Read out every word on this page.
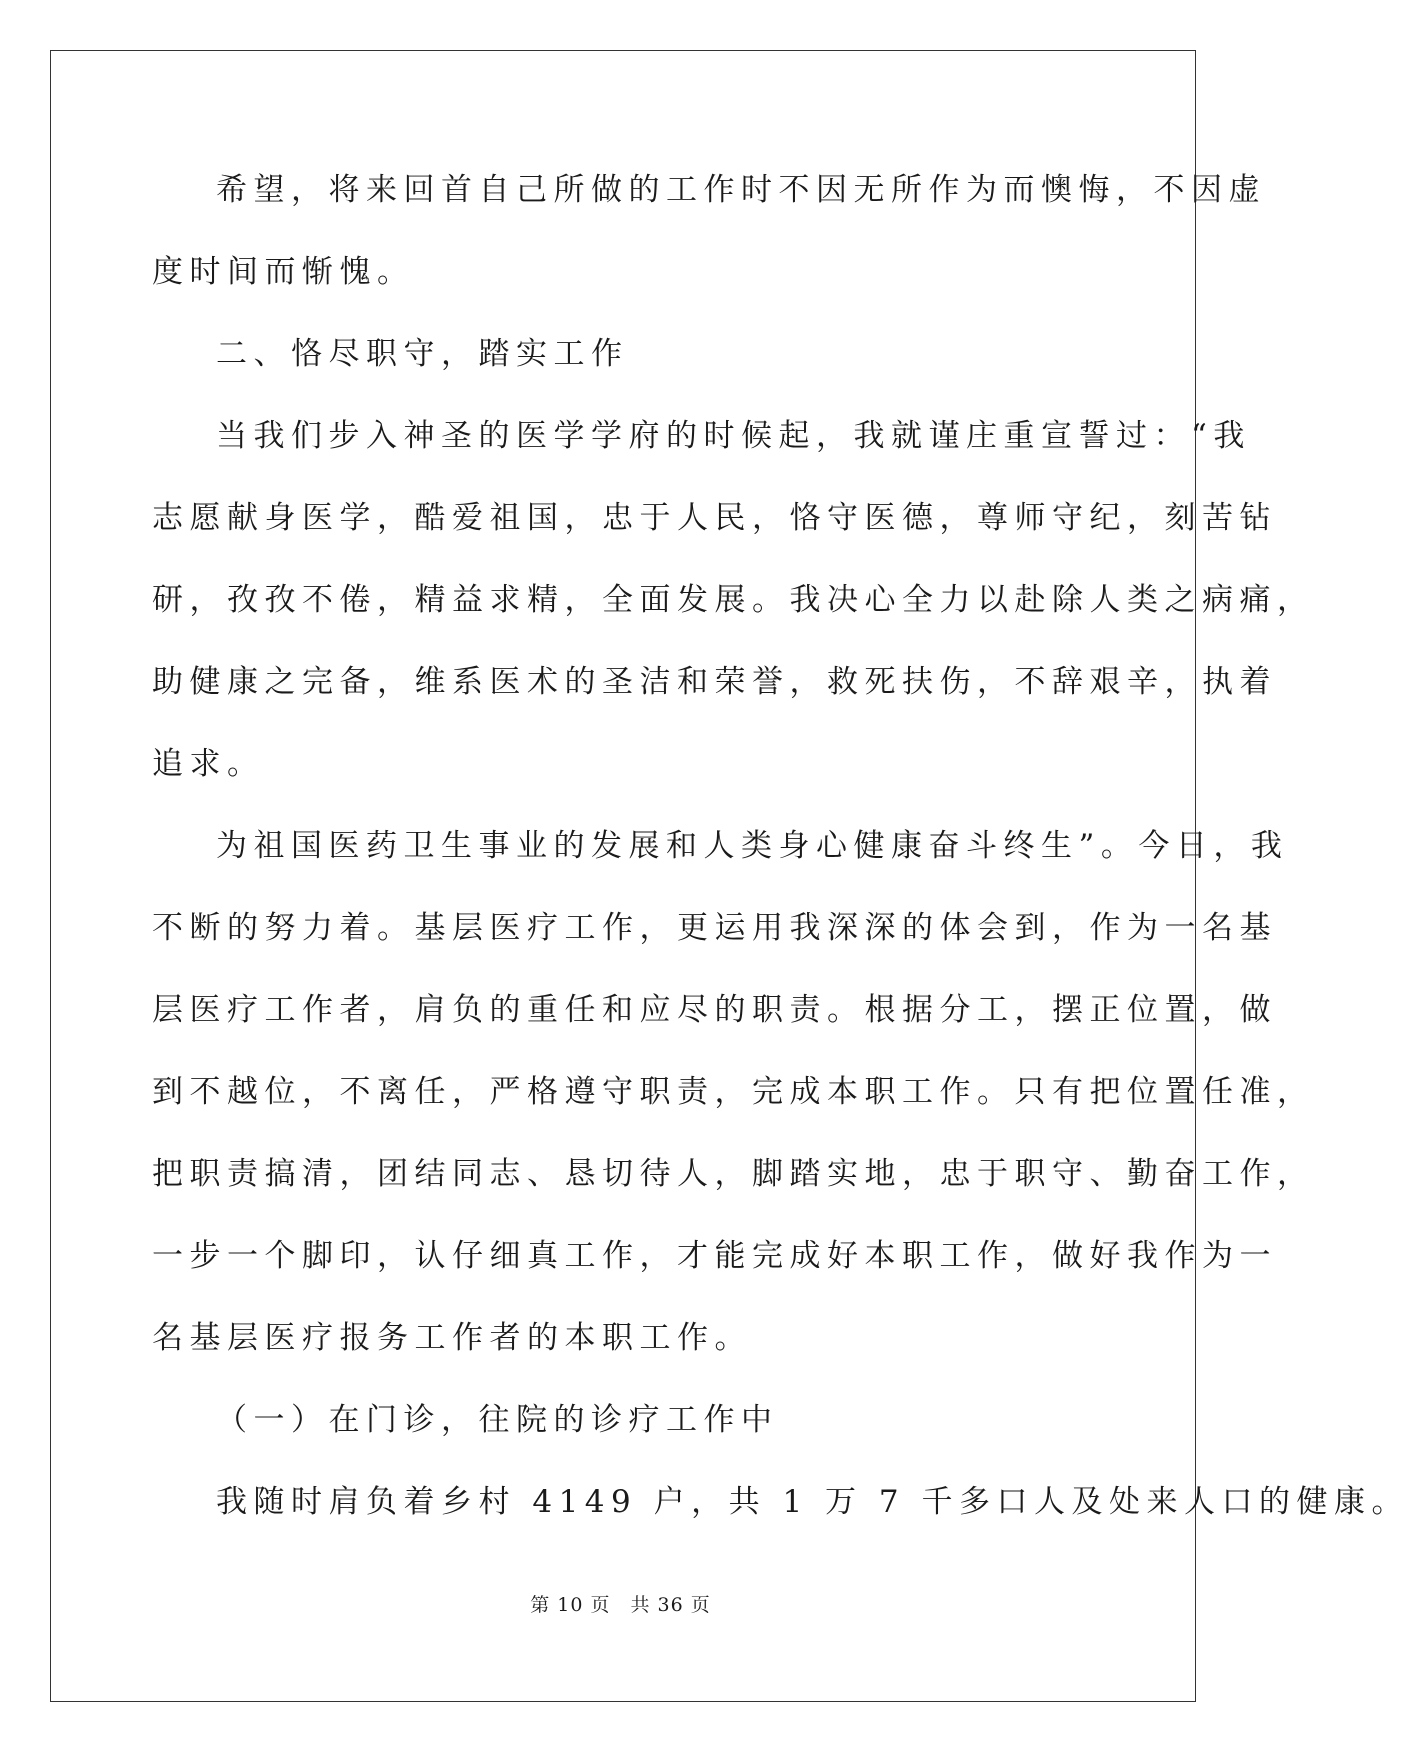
希望，将来回首自己所做的工作时不因无所作为而懊悔，不因虚
度时间而惭愧。
二、恪尽职守，踏实工作
当我们步入神圣的医学学府的时候起，我就谨庄重宣誓过：“我
志愿献身医学，酷爱祖国，忠于人民，恪守医德，尊师守纪，刻苦钻
研，孜孜不倦，精益求精，全面发展。我决心全力以赴除人类之病痛，
助健康之完备，维系医术的圣洁和荣誉，救死扶伤，不辞艰辛，执着
追求。
为祖国医药卫生事业的发展和人类身心健康奋斗终生”。今日，我
不断的努力着。基层医疗工作，更运用我深深的体会到，作为一名基
层医疗工作者，肩负的重任和应尽的职责。根据分工，摆正位置，做
到不越位，不离任，严格遵守职责，完成本职工作。只有把位置任准，
把职责搞清，团结同志、恳切待人，脚踏实地，忠于职守、勤奋工作，
一步一个脚印，认仔细真工作，才能完成好本职工作，做好我作为一
名基层医疗报务工作者的本职工作。
（一）在门诊，往院的诊疗工作中
我随时肩负着乡村 4149 户，共 1 万 7 千多口人及处来人口的健康。
第 10 页　共 36 页
